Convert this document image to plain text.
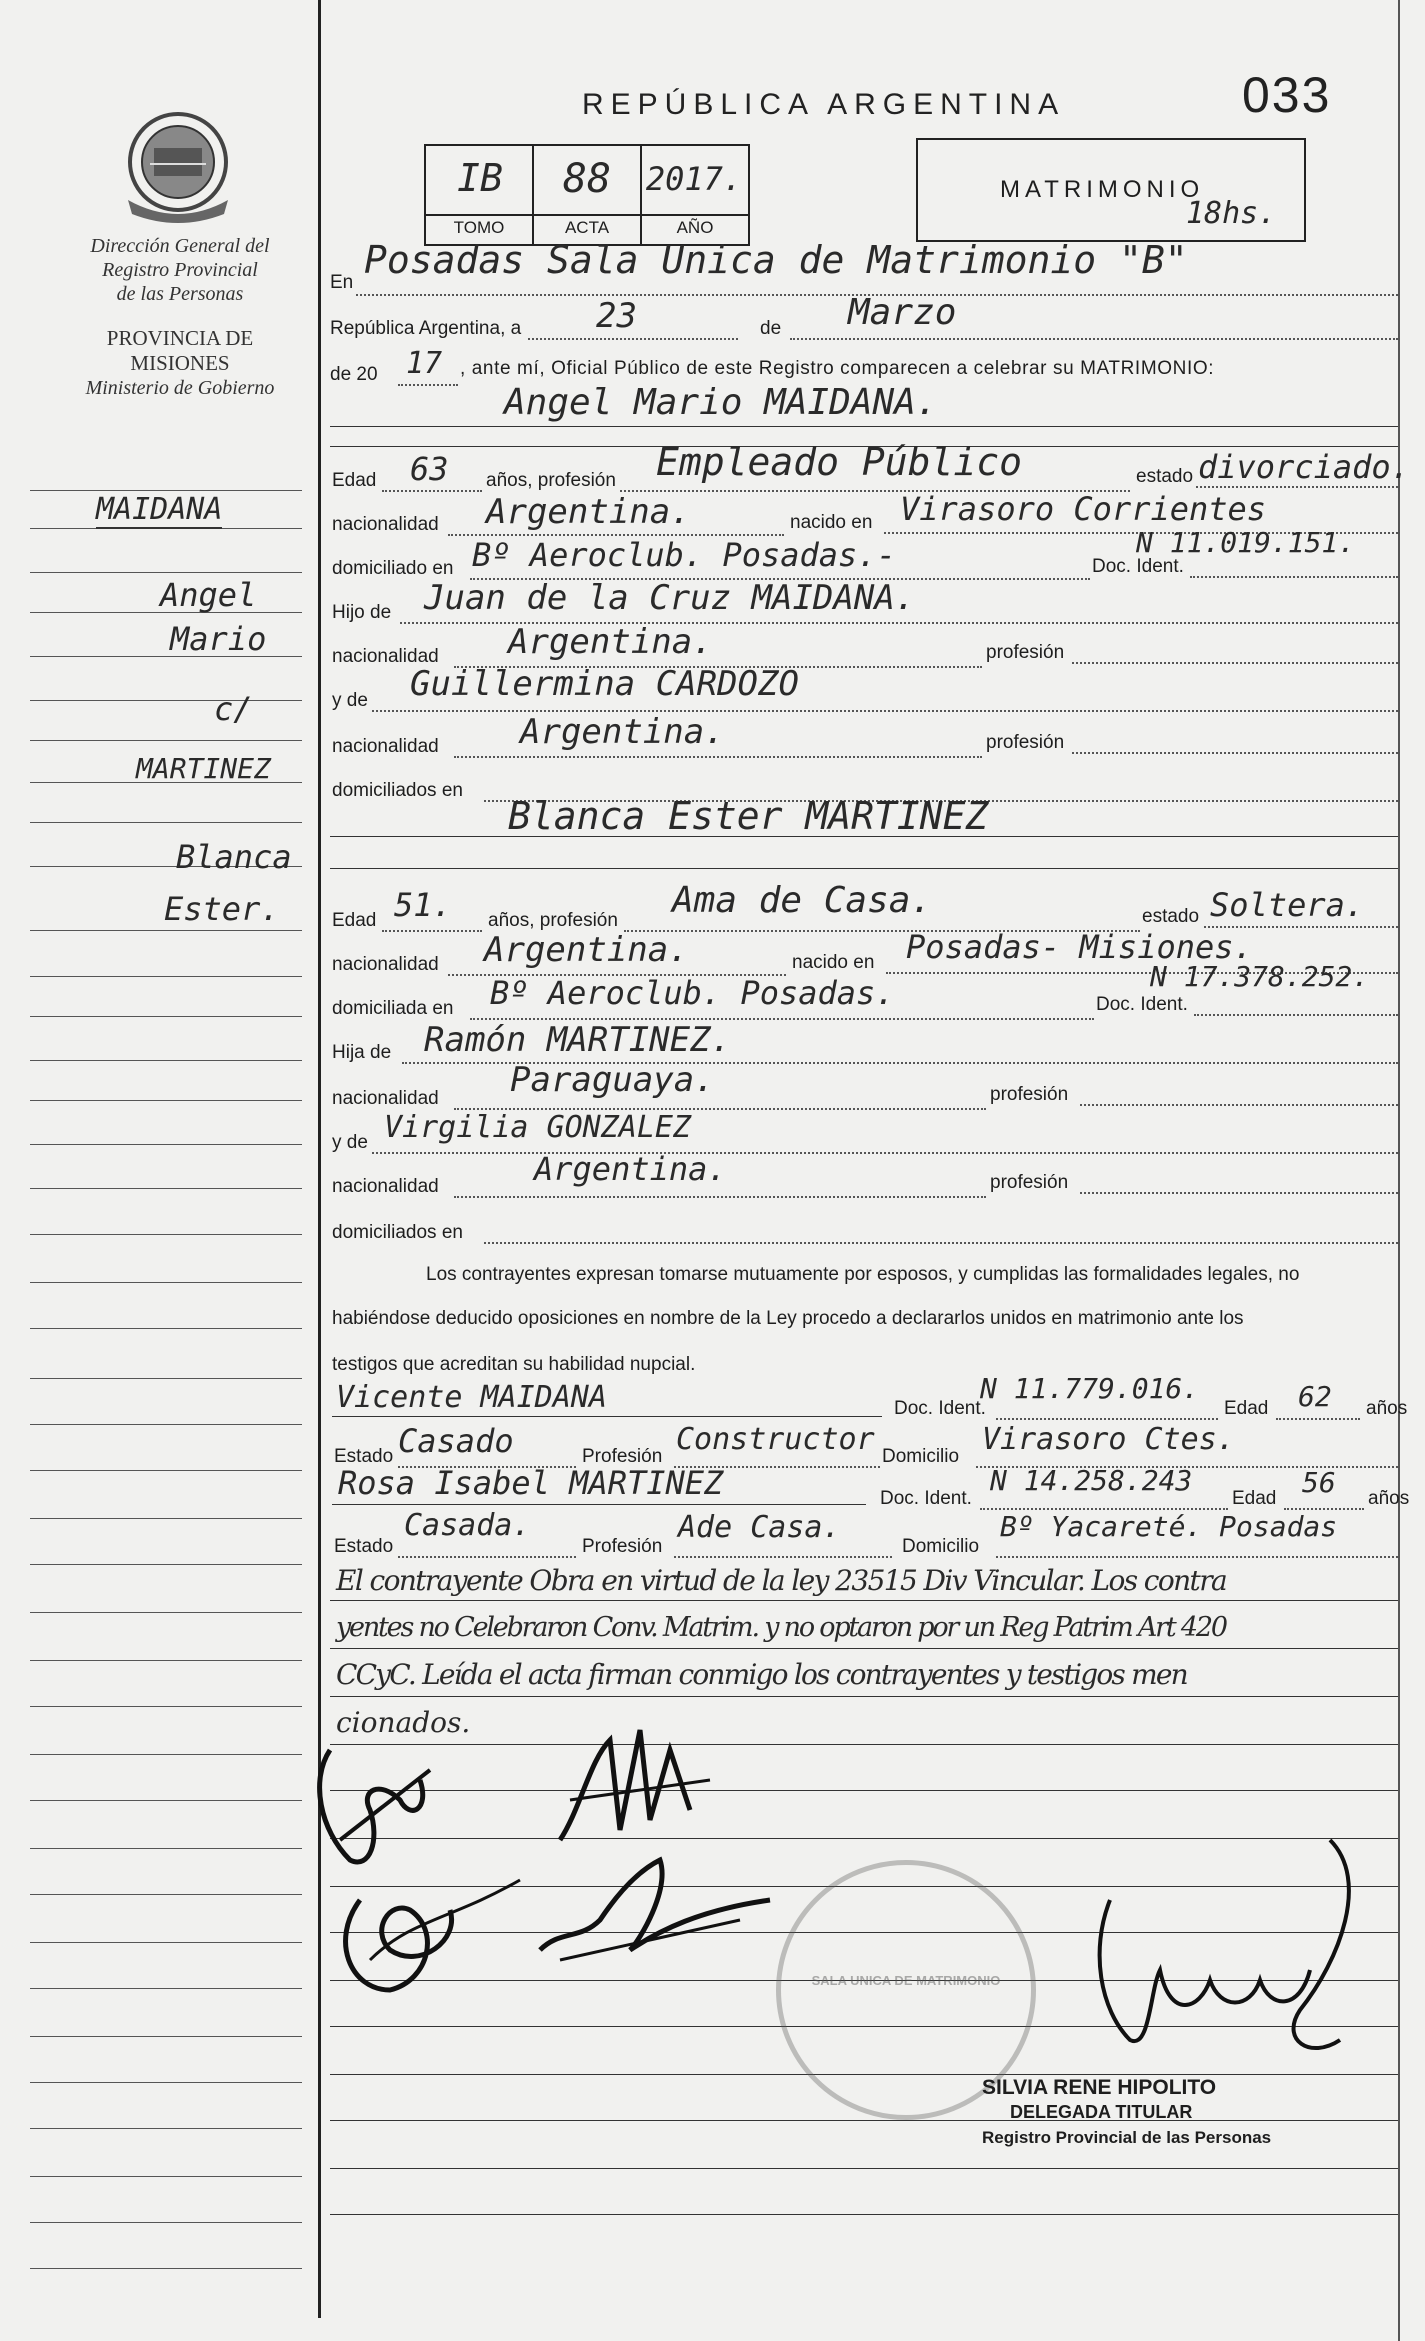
Dirección General del
Registro Provincial
de las Personas
PROVINCIA DE
MISIONES
Ministerio de Gobierno
MAIDANA
Angel
Mario
c/
MARTINEZ
Blanca
Ester.
REPÚBLICA ARGENTINA	033
IB	88	2017.
TOMO	ACTA	AÑO
MATRIMONIO
18hs.
En
Posadas Sala Unica de Matrimonio "B"
República Argentina, a 23	de Marzo
de 20 17 , ante mí, Oficial Público de este Registro comparecen a celebrar su MATRIMONIO:
Angel Mario MAIDANA.
Edad 63 años, profesión Empleado Público	estado divorciado.
nacionalidad Argentina.	nacido en Virasoro Corrientes
domiciliado en Bº Aeroclub. Posadas.-	Doc. Ident.
N 11.019.151.
Hijo de Juan de la Cruz MAIDANA.
nacionalidad Argentina.	profesión
y de Guillermina CARDOZO
nacionalidad Argentina.	profesión
domiciliados en
Blanca Ester MARTINEZ
Edad 51. años, profesión Ama de Casa.	estado Soltera.
nacionalidad Argentina.	nacido en Posadas- Misiones.
domiciliada en Bº Aeroclub. Posadas.	Doc. Ident.
N 17.378.252.
Hija de Ramón MARTINEZ.
nacionalidad Paraguaya.	profesión
y de Virgilia GONZALEZ
nacionalidad	Argentina.	profesión
domiciliados en
Los contrayentes expresan tomarse mutuamente por esposos, y cumplidas las formalidades legales, no
habiéndose deducido oposiciones en nombre de la Ley procedo a declararlos unidos en matrimonio ante los
testigos que acreditan su habilidad nupcial.
Vicente MAIDANA	Doc. Ident.
N 11.779.016.
Edad 62 años
Estado Casado	Profesión Constructor Domicilio Virasoro Ctes.
Rosa Isabel MARTINEZ	Doc. Ident.
N 14.258.243
Edad 56 años
Estado
Casada.
Profesión
Ade Casa.
Domicilio
Bº Yacareté. Posadas
El contrayente Obra en virtud de la ley 23515 Div Vincular. Los contra
yentes no Celebraron Conv. Matrim. y no optaron por un Reg Patrim Art 420
CCyC. Leída el acta firman conmigo los contrayentes y testigos men
cionados.
SALA UNICA DE MATRIMONIO
SILVIA RENE HIPOLITO
DELEGADA TITULAR
Registro Provincial de las Personas
